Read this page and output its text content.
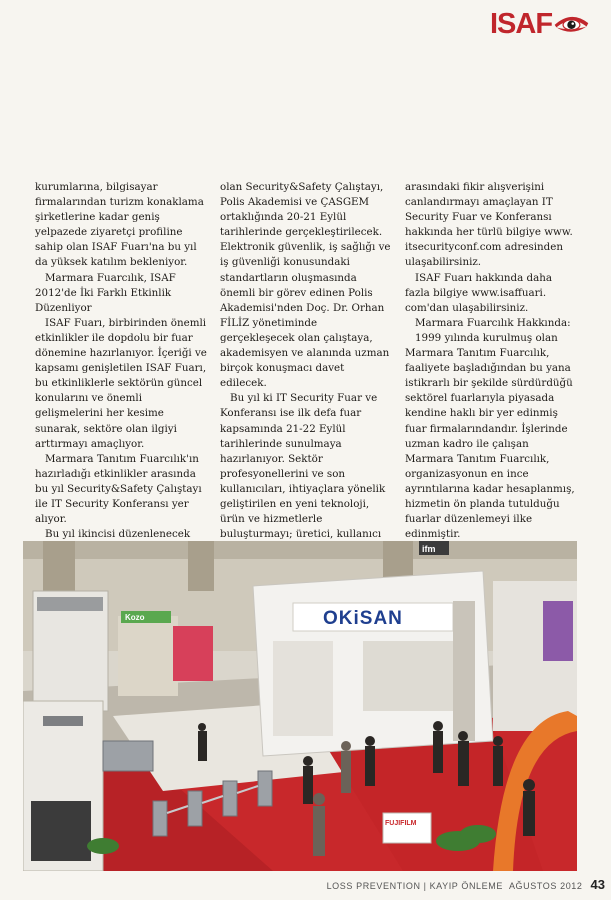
ISAF

kurumlarına, bilgisayar firmalarından turizm konaklama şirketlerine kadar geniş yelpazede ziyaretçi profiline sahip olan ISAF Fuarı'na bu yıl da yüksek katılım bekleniyor.

Marmara Fuarcılık, ISAF 2012'de İki Farklı Etkinlik Düzenliyor

ISAF Fuarı, birbirinden önemli etkinlikler ile dopdolu bir fuar dönemine hazırlanıyor. İçeriği ve kapsamı genişletilen ISAF Fuarı, bu etkinliklerle sektörün güncel konularını ve önemli gelişmelerini her kesime sunarak, sektöre olan ilgiyi arttırmayı amaçlıyor.

Marmara Tanıtım Fuarcılık'ın hazırladığı etkinlikler arasında bu yıl Security&Safety Çalıştayı ile IT Security Konferansı yer alıyor.

Bu yıl ikincisi düzenlenecek

olan Security&Safety Çalıştayı, Polis Akademisi ve ÇASGEM ortaklığında 20-21 Eylül tarihlerinde gerçekleştirilecek. Elektronik güvenlik, iş sağlığı ve iş güvenliği konusundaki standartların oluşmasında önemli bir görev edinen Polis Akademisi'nden Doç. Dr. Orhan FİLİZ yönetiminde gerçekleşecek olan çalıştaya, akademisyen ve alanında uzman birçok konuşmacı davet edilecek.

Bu yıl ki IT Security Fuar ve Konferansı ise ilk defa fuar kapsamında 21-22 Eylül tarihlerinde sunulmaya hazırlanıyor. Sektör profesyonellerini ve son kullanıcıları, ihtiyaçlara yönelik geliştirilen en yeni teknoloji, ürün ve hizmetlerle buluşturmayı; üretici, kullanıcı

arasındaki fikir alışverişini canlandırmayı amaçlayan IT Security Fuar ve Konferansı hakkında her türlü bilgiye www. itsecurityconf.com adresinden ulaşabilirsiniz.

ISAF Fuarı hakkında daha fazla bilgiye www.isaffuari. com'dan ulaşabilirsiniz.

Marmara Fuarcılık Hakkında:

1999 yılında kurulmuş olan Marmara Tanıtım Fuarcılık, faaliyete başladığından bu yana istikrarlı bir şekilde sürdürdüğü sektörel fuarlarıyla piyasada kendine haklı bir yer edinmiş fuar firmalarındandır. İşlerinde uzman kadro ile çalışan Marmara Tanıtım Fuarcılık, organizasyonun en ince ayrıntılarına kadar hesaplanmış, hizmetin ön planda tutulduğu fuarlar düzenlemeyi ilke edinmiştir.

Kozo
ifm
OKiSAN
FUJIFILM
LOSS PREVENTION | KAYIP ÖNLEME AĞUSTOS 2012 43
